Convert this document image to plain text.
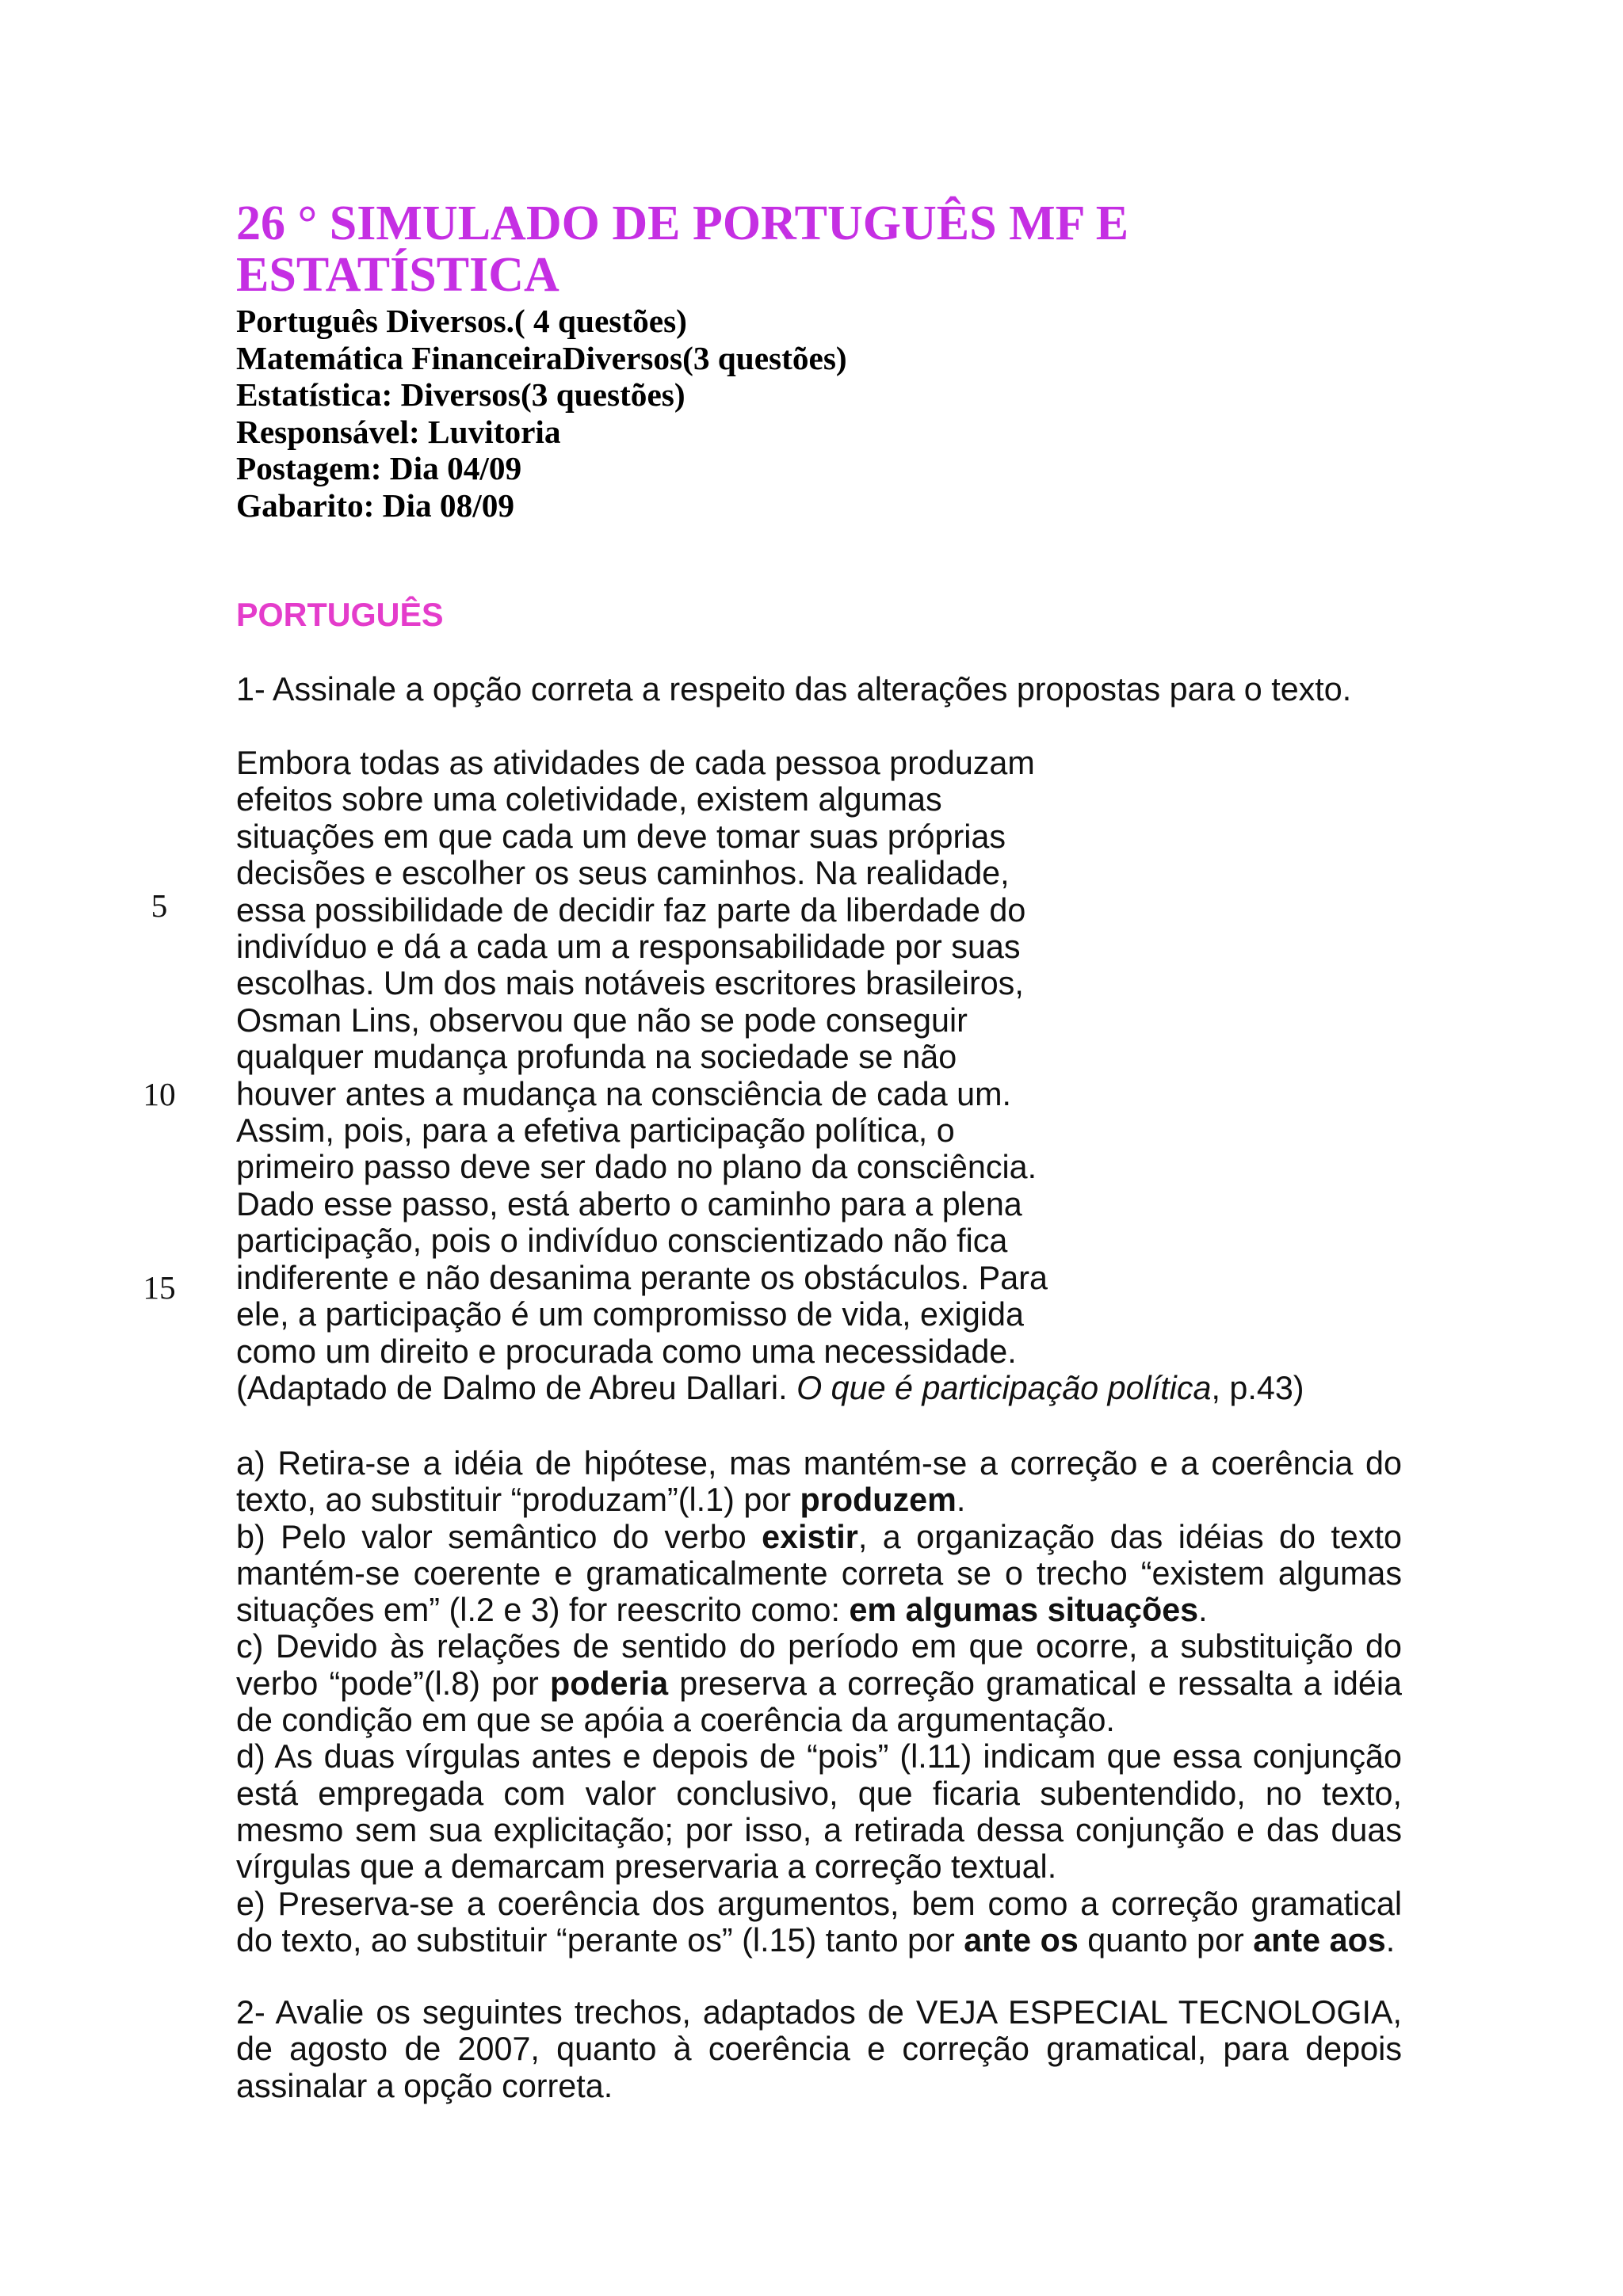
26 ° SIMULADO DE PORTUGUÊS MF E ESTATÍSTICA
Português Diversos.( 4 questões)
Matemática FinanceiraDiversos(3 questões)
Estatística: Diversos(3 questões)
Responsável: Luvitoria
Postagem: Dia 04/09
Gabarito: Dia 08/09
PORTUGUÊS
1- Assinale a opção correta a respeito das alterações propostas para o texto.
Embora todas as atividades de cada pessoa produzam
efeitos sobre uma coletividade, existem algumas
situações em que cada um deve tomar suas próprias
decisões e escolher os seus caminhos. Na realidade,
essa possibilidade de decidir faz parte da liberdade do
indivíduo e dá a cada um a responsabilidade por suas
escolhas. Um dos mais notáveis escritores brasileiros,
Osman Lins, observou que não se pode conseguir
qualquer mudança profunda na sociedade se não
houver antes a mudança na consciência de cada um.
Assim, pois, para a efetiva participação política, o
primeiro passo deve ser dado no plano da consciência.
Dado esse passo, está aberto o caminho para a plena
participação, pois o indivíduo conscientizado não fica
indiferente e não desanima perante os obstáculos. Para
ele, a participação é um compromisso de vida, exigida
como um direito e procurada como uma necessidade.
(Adaptado de Dalmo de Abreu Dallari. O que é participação política, p.43)
5
10
15
a) Retira-se a idéia de hipótese, mas mantém-se a correção e a coerência do
texto, ao substituir “produzam”(l.1) por produzem.
b) Pelo valor semântico do verbo existir, a organização das idéias do texto
mantém-se coerente e gramaticalmente correta se o trecho “existem algumas
situações em” (l.2 e 3) for reescrito como: em algumas situações.
c) Devido às relações de sentido do período em que ocorre, a substituição do
verbo “pode”(l.8) por poderia preserva a correção gramatical e ressalta a idéia
de condição em que se apóia a coerência da argumentação.
d) As duas vírgulas antes e depois de “pois” (l.11) indicam que essa conjunção
está empregada com valor conclusivo, que ficaria subentendido, no texto,
mesmo sem sua explicitação; por isso, a retirada dessa conjunção e das duas
vírgulas que a demarcam preservaria a correção textual.
e) Preserva-se a coerência dos argumentos, bem como a correção gramatical
do texto, ao substituir “perante os” (l.15) tanto por ante os quanto por ante aos.
2- Avalie os seguintes trechos, adaptados de VEJA ESPECIAL TECNOLOGIA,
de agosto de 2007, quanto à coerência e correção gramatical, para depois
assinalar a opção correta.
